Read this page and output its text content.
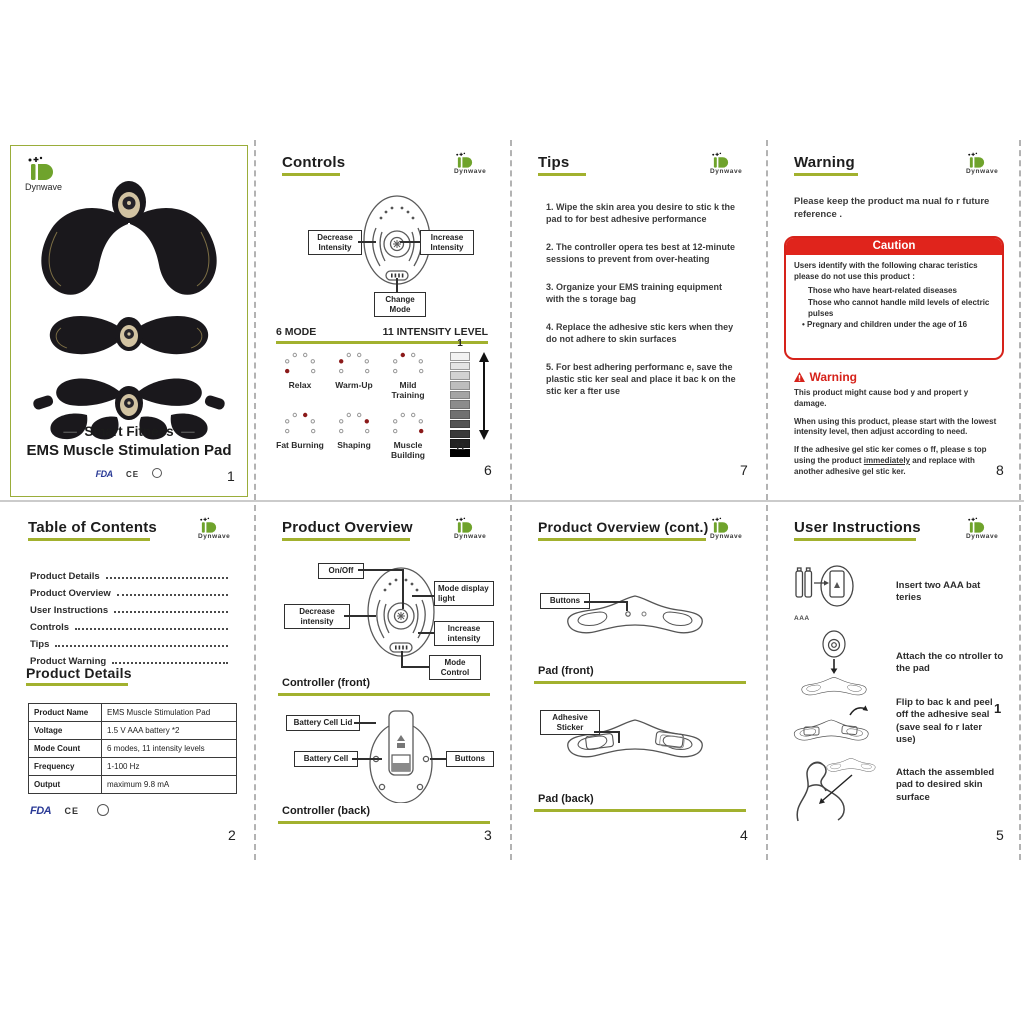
Dynwave
—  Smart Fitness  —
EMS Muscle Stimulation Pad
FDA CE	1
Controls
Dynwave
Decrease Intensity
Increase Intensity
Change Mode
6 MODE	11 INTENSITY LEVEL
Relax	Warm-Up	Mild Training
Fat Burning	Shaping	Muscle Building
1
11
6
Tips
Dynwave

1. Wipe the skin area you desire to stic k the pad to for best adhesive performance

2. The controller opera tes best at 12-minute sessions to prevent from over-heating

3. Organize your EMS training equipment with the s torage bag

4. Replace the adhesive stic kers when they do not adhere to skin surfaces

5. For best adhering performanc e, save the plastic stic ker seal and place it bac k on the stic ker a fter use

7
Warning
Dynwave
Please keep the product ma nual fo r future reference .
Caution
Users identify with the following charac teristics please do not use this product :
Those who have heart-related diseases
Those who cannot handle mild levels of electric pulses
• Pregnary and children under the age of 16
Warning

This product might cause bod y and propert y damage.

When using this product, please start with the lowest intensity level, then adjust according to need.

If the adhesive gel stic ker comes o ff, please s top using the product immediately and replace with another adhesive gel stic ker.	8
Table of Contents
Dynwave
Product Details
Product Overview
User Instructions
Controls
Tips
Product Warning
Product Details
Product Name	EMS Muscle Stimulation Pad
Voltage	1.5 V AAA battery *2
Mode Count	6 modes, 11 intensity levels
Frequency	1-100 Hz
Output	maximum 9.8 mA
FDA CE
2
Product Overview
Dynwave
On/Off
Decrease intensity
Mode display light
Increase intensity
Mode Control
Controller (front)
Battery Cell Lid
Battery Cell	Buttons
Controller (back)
3
Product Overview (cont.)
Dynwave
Buttons
Pad (front)
Adhesive Sticker
Pad (back)
4
User Instructions
Dynwave
AAA
Insert two AAA bat teries
Attach the co ntroller to the pad
Flip to bac k and peel off the adhesive seal (save seal fo r later use)
1
Attach the assembled pad to desired skin surface
5
